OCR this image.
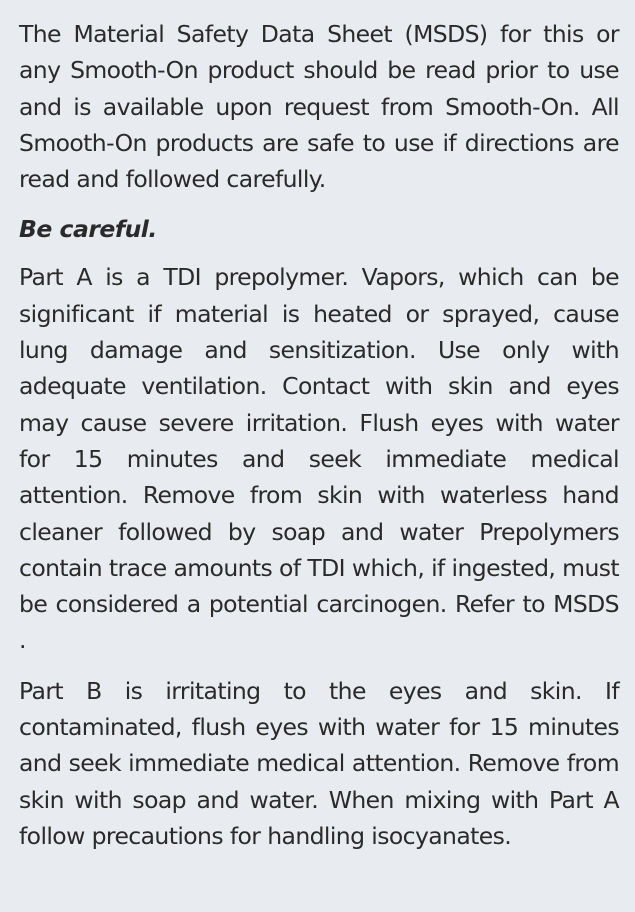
The Material Safety Data Sheet (MSDS) for this or any Smooth-On product should be read prior to use and is available upon request from Smooth-On. All Smooth-On products are safe to use if directions are read and followed carefully.

Be careful.

Part A is a TDI prepolymer. Vapors, which can be significant if material is heated or sprayed, cause lung damage and sensitization. Use only with adequate ventilation. Contact with skin and eyes may cause severe irritation. Flush eyes with water for 15 minutes and seek immediate medical attention. Remove from skin with waterless hand cleaner followed by soap and water Prepolymers contain trace amounts of TDI which, if ingested, must be considered a potential carcinogen. Refer to MSDS .

Part B is irritating to the eyes and skin. If contaminated, flush eyes with water for 15 minutes and seek immediate medical attention. Remove from skin with soap and water. When mixing with Part A follow precautions for handling isocyanates.
